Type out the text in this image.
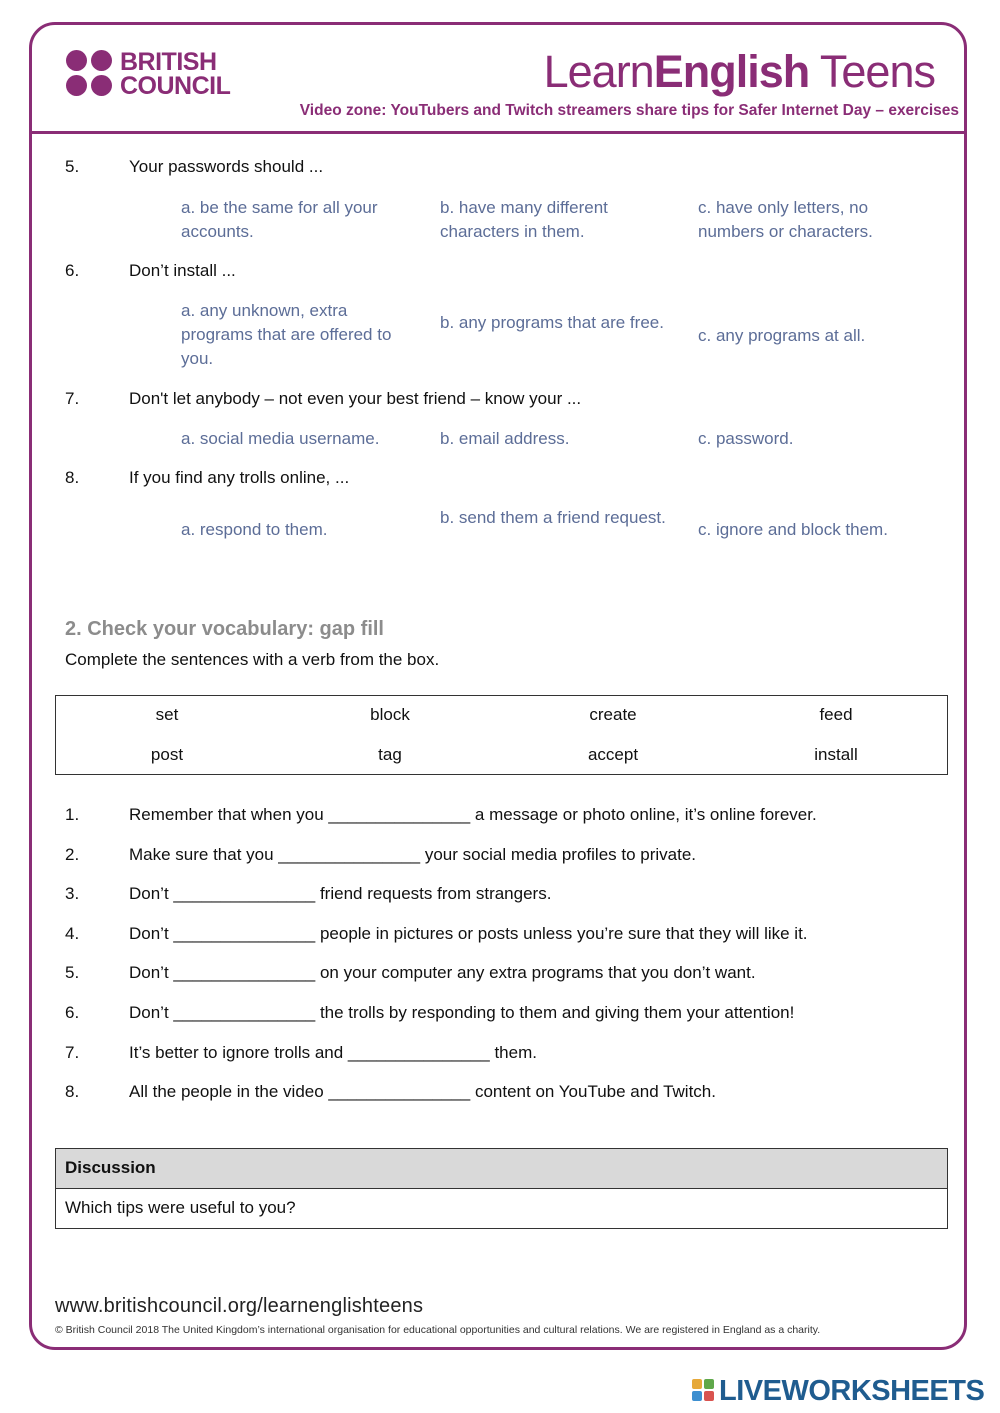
BRITISH
COUNCIL	LearnEnglish Teens
Video zone: YouTubers and Twitch streamers share tips for Safer Internet Day – exercises
5.	Your passwords should ...
a. be the same for all your accounts.
b. have many different characters in them.
c. have only letters, no numbers or characters.
6.	Don’t install ...
a. any unknown, extra programs that are offered to you.
b. any programs that are free.
c. any programs at all.
7.	Don't let anybody – not even your best friend – know your ...
a. social media username.	b. email address.	c. password.
8.	If you find any trolls online, ...
a. respond to them.
b. send them a friend request.
c. ignore and block them.
2. Check your vocabulary: gap fill
Complete the sentences with a verb from the box.
set	block	create	feed
post	tag	accept	install
1.	Remember that when you _______________ a message or photo online, it’s online forever.
2.	Make sure that you _______________ your social media profiles to private.
3.	Don’t _______________ friend requests from strangers.
4.	Don’t _______________ people in pictures or posts unless you’re sure that they will like it.
5.	Don’t _______________ on your computer any extra programs that you don’t want.
6.	Don’t _______________ the trolls by responding to them and giving them your attention!
7.	It’s better to ignore trolls and _______________ them.
8.	All the people in the video _______________ content on YouTube and Twitch.
Discussion
Which tips were useful to you?
www.britishcouncil.org/learnenglishteens
© British Council 2018 The United Kingdom’s international organisation for educational opportunities and cultural relations. We are registered in England as a charity.
LIVEWORKSHEETS
